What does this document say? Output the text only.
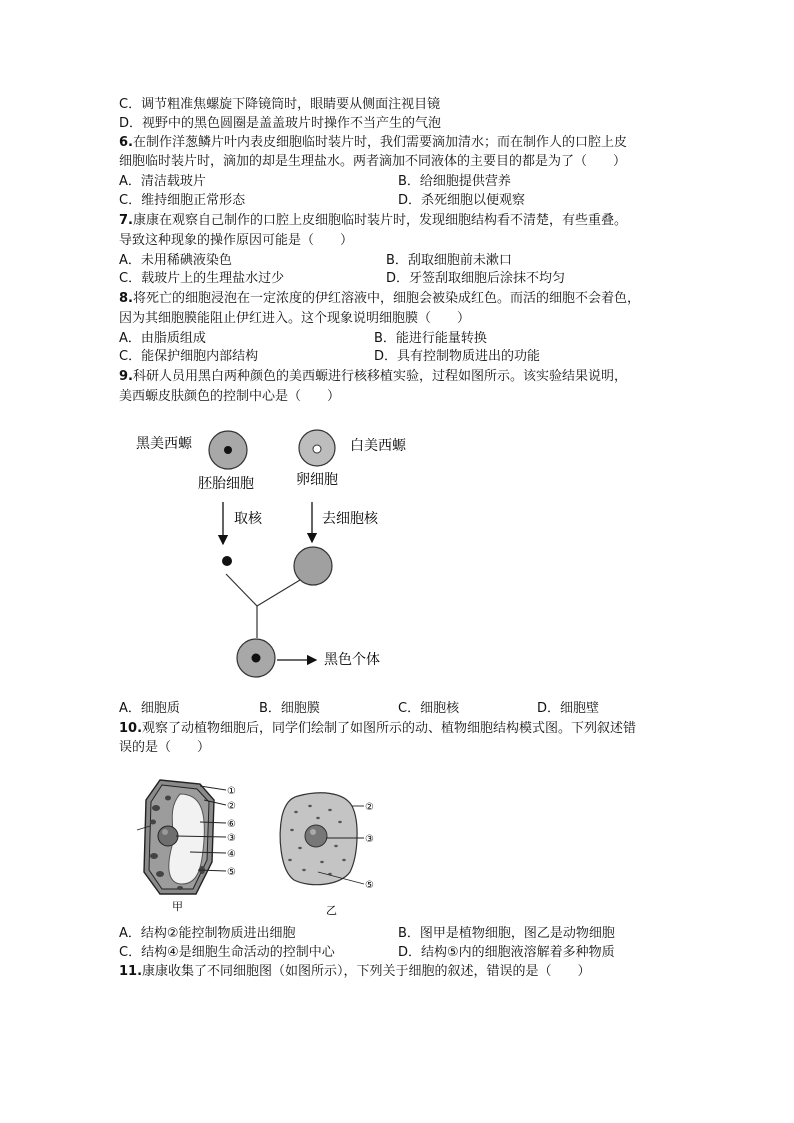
C．调节粗准焦螺旋下降镜筒时，眼睛要从侧面注视目镜
D．视野中的黑色圆圈是盖盖玻片时操作不当产生的气泡
6.在制作洋葱鳞片叶内表皮细胞临时装片时，我们需要滴加清水；而在制作人的口腔上皮
细胞临时装片时，滴加的却是生理盐水。两者滴加不同液体的主要目的都是为了（　　）
A．清洁载玻片	B．给细胞提供营养
C．维持细胞正常形态	D．杀死细胞以便观察
7.康康在观察自己制作的口腔上皮细胞临时装片时，发现细胞结构看不清楚，有些重叠。
导致这种现象的操作原因可能是（　　）
A．未用稀碘液染色	B．刮取细胞前未漱口
C．载玻片上的生理盐水过少	D．牙签刮取细胞后涂抹不均匀
8.将死亡的细胞浸泡在一定浓度的伊红溶液中，细胞会被染成红色。而活的细胞不会着色，
因为其细胞膜能阻止伊红进入。这个现象说明细胞膜（　　）
A．由脂质组成	B．能进行能量转换
C．能保护细胞内部结构	D．具有控制物质进出的功能
9.科研人员用黑白两种颜色的美西螈进行核移植实验，过程如图所示。该实验结果说明，
美西螈皮肤颜色的控制中心是（　　）
黑美西螈	白美西螈
胚胎细胞	卵细胞
取核	去细胞核
黑色个体
A．细胞质	B．细胞膜	C．细胞核	D．细胞壁
10.观察了动植物细胞后，同学们绘制了如图所示的动、植物细胞结构模式图。下列叙述错
误的是（　　）
①
②
⑥
③
④
⑤
甲
②
③
⑤
乙
A．结构②能控制物质进出细胞	B．图甲是植物细胞，图乙是动物细胞
C．结构④是细胞生命活动的控制中心	D．结构⑤内的细胞液溶解着多种物质
11.康康收集了不同细胞图（如图所示），下列关于细胞的叙述，错误的是（　　）
